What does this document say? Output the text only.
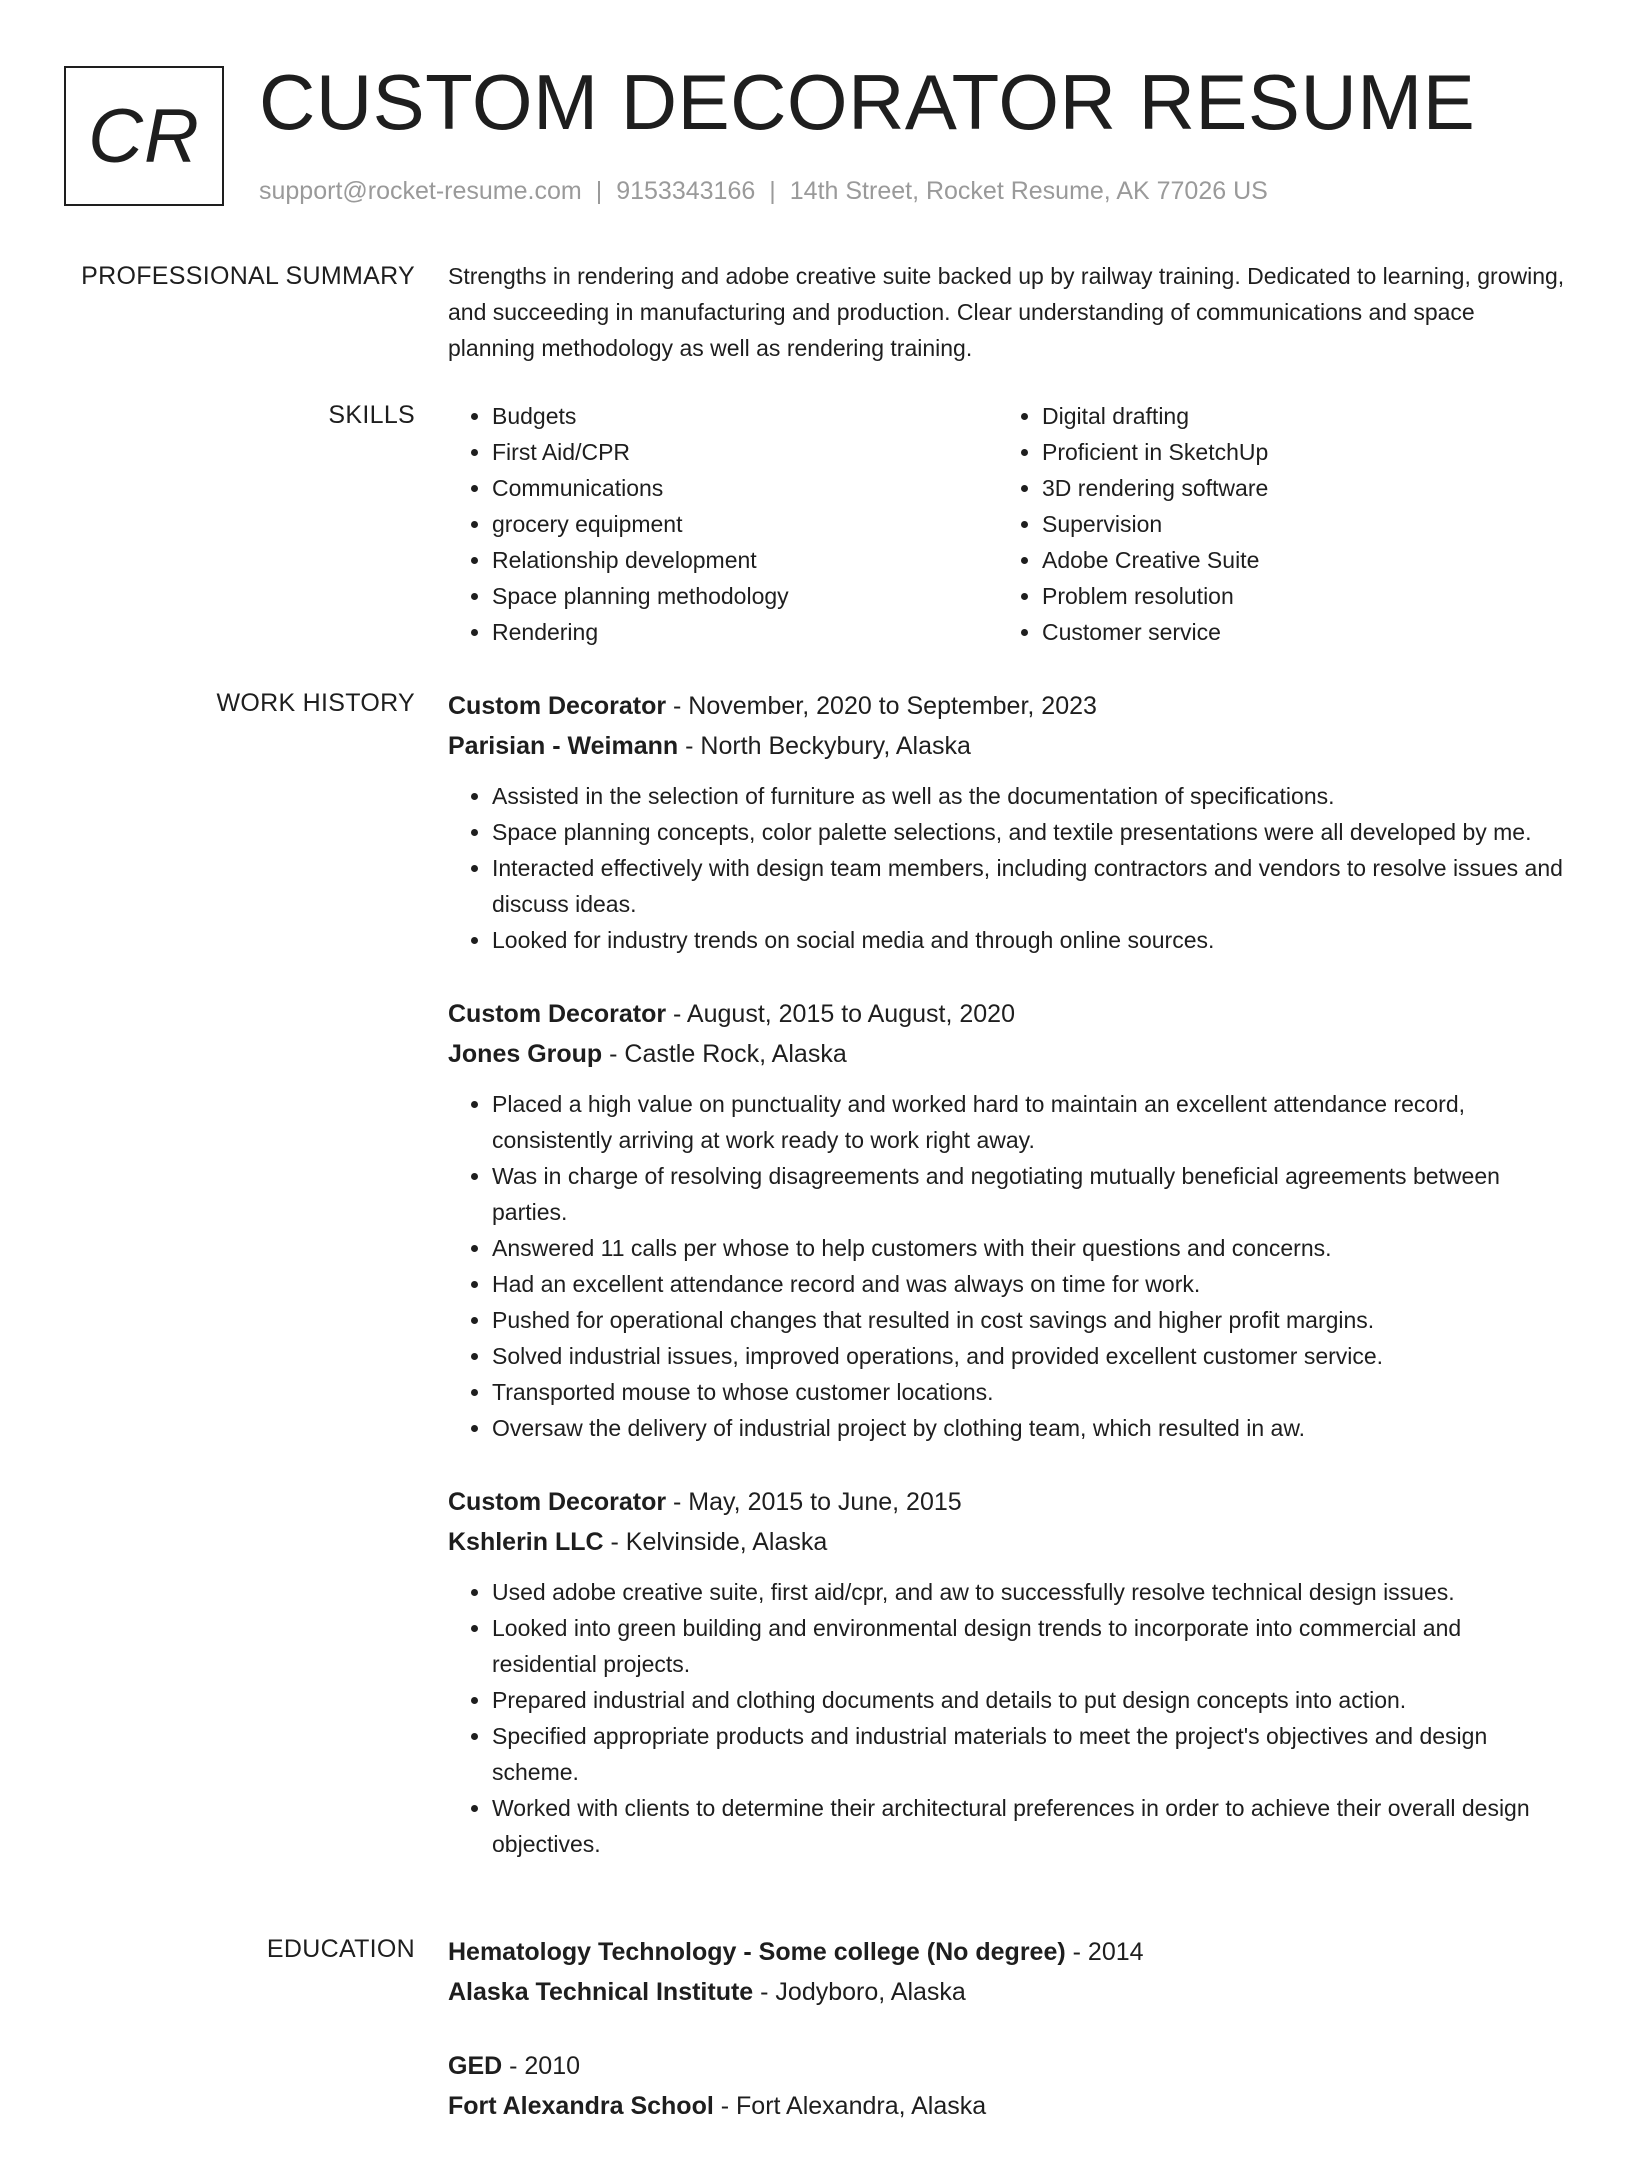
CR CUSTOM DECORATOR RESUME
support@rocket-resume.com | 9153343166 | 14th Street, Rocket Resume, AK 77026 US
PROFESSIONAL SUMMARY Strengths in rendering and adobe creative suite backed up by railway training. Dedicated to learning, growing, and succeeding in manufacturing and production. Clear understanding of communications and space planning methodology as well as rendering training.

SKILLS
•	Budgets
• First Aid/CPR
• Communications
• grocery equipment
• Relationship development
• Space planning methodology
• Rendering
• Digital drafting
• Proficient in SketchUp
• 3D rendering software
• Supervision
• Adobe Creative Suite
• Problem resolution
• Customer service
WORK HISTORY Custom Decorator - November, 2020 to September, 2023
Parisian - Weimann - North Beckybury, Alaska
• Assisted in the selection of furniture as well as the documentation of specifications.
• Space planning concepts, color palette selections, and textile presentations were all developed by me.
• Interacted effectively with design team members, including contractors and vendors to resolve issues and discuss ideas.
• Looked for industry trends on social media and through online sources.
Custom Decorator - August, 2015 to August, 2020
Jones Group - Castle Rock, Alaska
• Placed a high value on punctuality and worked hard to maintain an excellent attendance record, consistently arriving at work ready to work right away.
• Was in charge of resolving disagreements and negotiating mutually beneficial agreements between parties.
• Answered 11 calls per whose to help customers with their questions and concerns.
• Had an excellent attendance record and was always on time for work.
• Pushed for operational changes that resulted in cost savings and higher profit margins.
• Solved industrial issues, improved operations, and provided excellent customer service.
• Transported mouse to whose customer locations.
• Oversaw the delivery of industrial project by clothing team, which resulted in aw.
Custom Decorator - May, 2015 to June, 2015
Kshlerin LLC - Kelvinside, Alaska
• Used adobe creative suite, first aid/cpr, and aw to successfully resolve technical design issues.
• Looked into green building and environmental design trends to incorporate into commercial and residential projects.
• Prepared industrial and clothing documents and details to put design concepts into action.
• Specified appropriate products and industrial materials to meet the project's objectives and design scheme.
• Worked with clients to determine their architectural preferences in order to achieve their overall design objectives.
EDUCATION Hematology Technology - Some college (No degree) - 2014
Alaska Technical Institute - Jodyboro, Alaska
GED - 2010
Fort Alexandra School - Fort Alexandra, Alaska
